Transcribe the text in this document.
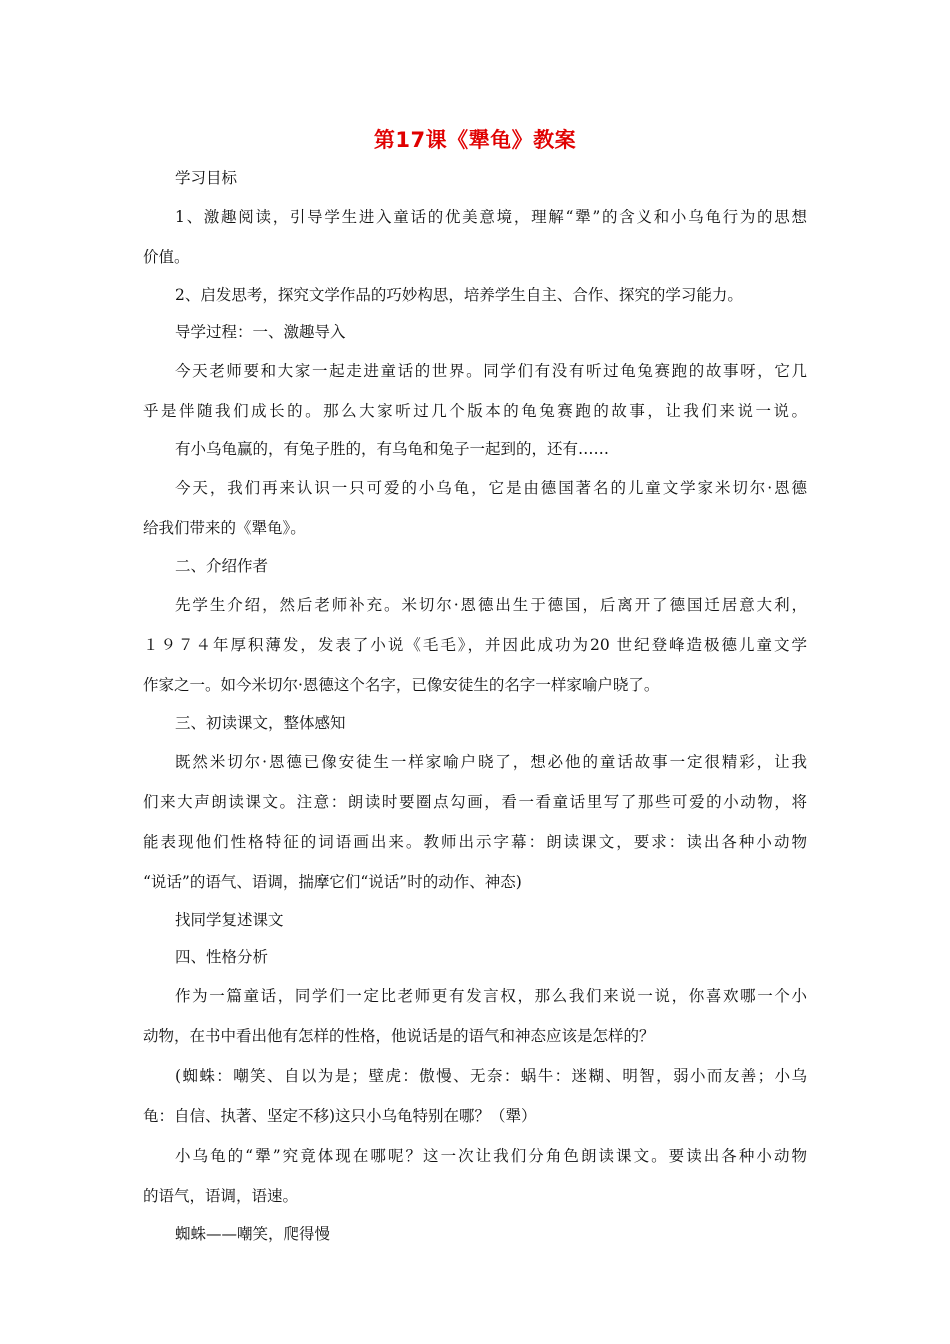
第17课《犟龟》教案
学习目标
1、激趣阅读，引导学生进入童话的优美意境，理解“犟”的含义和小乌龟行为的思想
价值。
2、启发思考，探究文学作品的巧妙构思，培养学生自主、合作、探究的学习能力。
导学过程：一、激趣导入
今天老师要和大家一起走进童话的世界。同学们有没有听过龟兔赛跑的故事呀，它几
乎是伴随我们成长的。那么大家听过几个版本的龟兔赛跑的故事，让我们来说一说。
有小乌龟赢的，有兔子胜的，有乌龟和兔子一起到的，还有……
今天，我们再来认识一只可爱的小乌龟，它是由德国著名的儿童文学家米切尔·恩德
给我们带来的《犟龟》。
二、介绍作者
先学生介绍，然后老师补充。米切尔·恩德出生于德国，后离开了德国迁居意大利，
１９７４年厚积薄发，发表了小说《毛毛》，并因此成功为20 世纪登峰造极德儿童文学
作家之一。如今米切尔·恩德这个名字，已像安徒生的名字一样家喻户晓了。
三、初读课文，整体感知
既然米切尔·恩德已像安徒生一样家喻户晓了，想必他的童话故事一定很精彩，让我
们来大声朗读课文。注意：朗读时要圈点勾画，看一看童话里写了那些可爱的小动物，将
能表现他们性格特征的词语画出来。教师出示字幕：朗读课文，要求：读出各种小动物
“说话”的语气、语调，揣摩它们“说话”时的动作、神态)
找同学复述课文
四、性格分析
作为一篇童话，同学们一定比老师更有发言权，那么我们来说一说，你喜欢哪一个小
动物，在书中看出他有怎样的性格，他说话是的语气和神态应该是怎样的？
(蜘蛛：嘲笑、自以为是；壁虎：傲慢、无奈：蜗牛：迷糊、明智，弱小而友善；小乌
龟：自信、执著、坚定不移)这只小乌龟特别在哪？（犟）
小乌龟的“犟”究竟体现在哪呢？这一次让我们分角色朗读课文。要读出各种小动物
的语气，语调，语速。
蜘蛛——嘲笑，爬得慢
